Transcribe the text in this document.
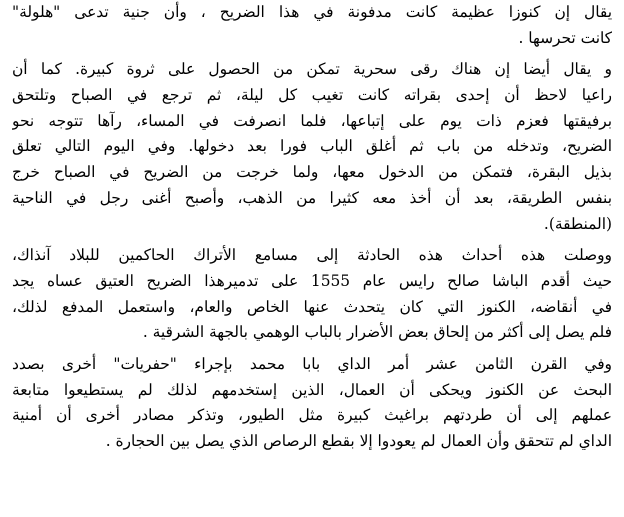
يقال إن كنوزا عظيمة كانت مدفونة في هذا الضريح ، وأن جنية تدعى "هلولة"
كانت تحرسها .
و يقال أيضا إن هناك رقى سحرية تمكن من الحصول على ثروة كبيرة. كما أن
راعيا لاحظ أن إحدى بقراته كانت تغيب كل ليلة، ثم ترجع في الصباح وتلتحق
برفيقتها فعزم ذات يوم على إتباعها، فلما انصرفت في المساء، رآها تتوجه نحو
الضريح، وتدخله من باب ثم أغلق الباب فورا بعد دخولها. وفي اليوم التالي تعلق
بذيل البقرة، فتمكن من الدخول معها، ولما خرجت من الضريح في الصباح خرج
بنفس الطريقة، بعد أن أخذ معه كثيرا من الذهب، وأصبح أغنى رجل في الناحية
(المنطقة).
ووصلت هذه أحداث هذه الحادثة إلى مسامع الأتراك الحاكمين للبلاد آنذاك،
حيث أقدم الباشا صالح رايس عام 1555 على تدميرهذا الضريح العتيق عساه يجد
في أنقاضه، الكنوز التي كان يتحدث عنها الخاص والعام، واستعمل المدفع لذلك،
فلم يصل إلى أكثر من إلحاق بعض الأضرار بالباب الوهمي بالجهة الشرقية .
وفي القرن الثامن عشر أمر الداي بابا محمد بإجراء "حفريات" أخرى بصدد
البحث عن الكنوز ويحكى أن العمال، الذين إستخدمهم لذلك لم يستطيعوا متابعة
عملهم إلى أن طردتهم براغيث كبيرة مثل الطيور، وتذكر مصادر أخرى أن أمنية
الداي لم تتحقق وأن العمال لم يعودوا إلا بقطع الرصاص الذي يصل بين الحجارة .
